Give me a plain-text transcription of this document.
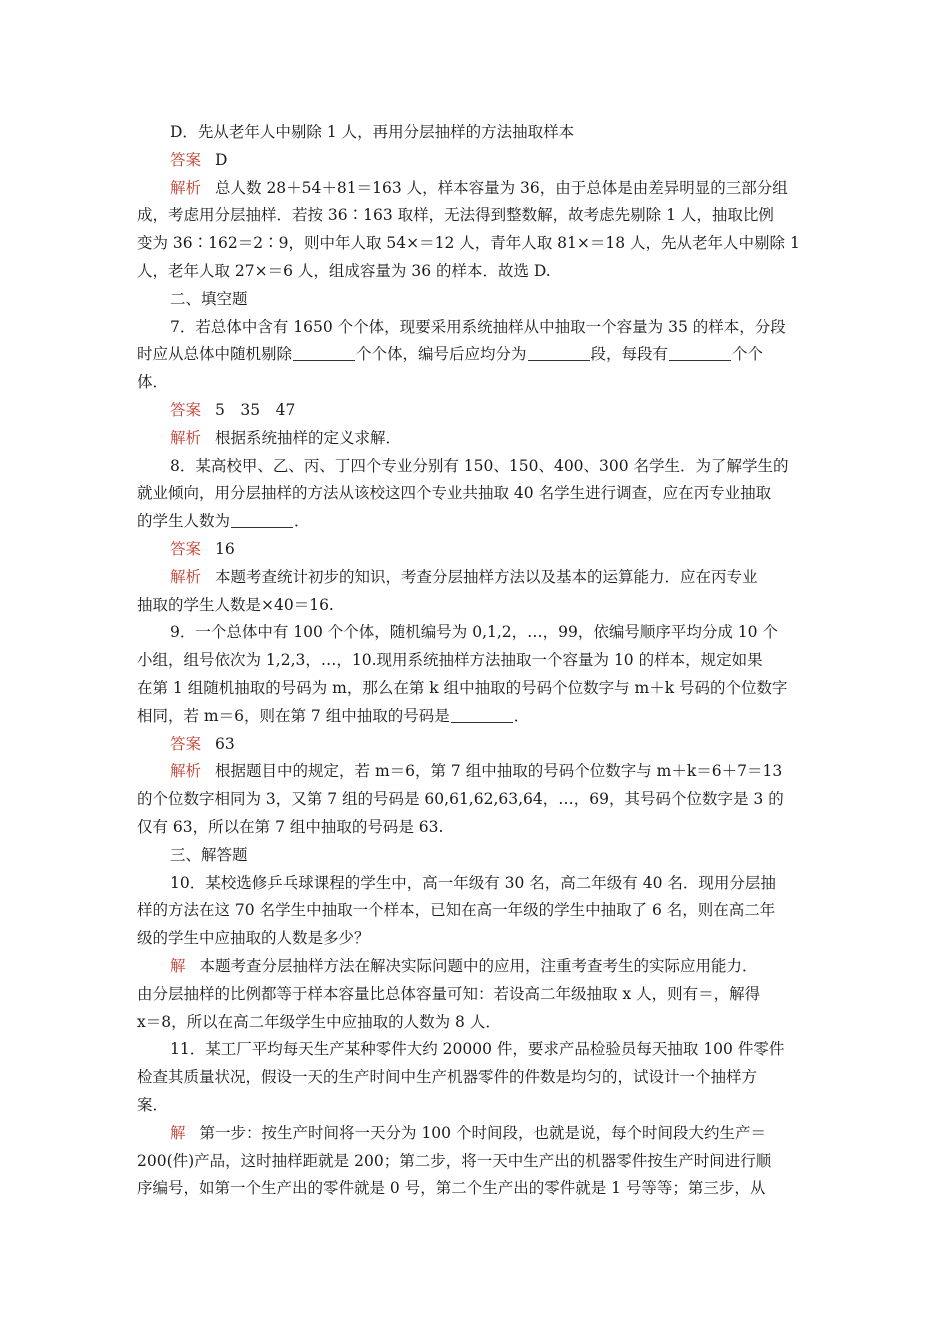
D．先从老年人中剔除 1 人，再用分层抽样的方法抽取样本
答案 D
解析 总人数 28＋54＋81＝163 人，样本容量为 36，由于总体是由差异明显的三部分组
成，考虑用分层抽样．若按 36∶163 取样，无法得到整数解，故考虑先剔除 1 人，抽取比例
变为 36∶162＝2∶9，则中年人取 54×＝12 人，青年人取 81×＝18 人，先从老年人中剔除 1
人，老年人取 27×＝6 人，组成容量为 36 的样本．故选 D.
二、填空题
7．若总体中含有 1650 个个体，现要采用系统抽样从中抽取一个容量为 35 的样本，分段
时应从总体中随机剔除	个个体，编号后应均分为	段，每段有	个个
体．
答案 5　35　47
解析 根据系统抽样的定义求解．
8．某高校甲、乙、丙、丁四个专业分别有 150、150、400、300 名学生．为了解学生的
就业倾向，用分层抽样的方法从该校这四个专业共抽取 40 名学生进行调查，应在丙专业抽取
的学生人数为	．
答案 16
解析 本题考查统计初步的知识，考查分层抽样方法以及基本的运算能力．应在丙专业
抽取的学生人数是×40＝16.
9．一个总体中有 100 个个体，随机编号为 0,1,2，…，99，依编号顺序平均分成 10 个
小组，组号依次为 1,2,3，…，10.现用系统抽样方法抽取一个容量为 10 的样本，规定如果
在第 1 组随机抽取的号码为 m，那么在第 k 组中抽取的号码个位数字与 m＋k 号码的个位数字
相同，若 m＝6，则在第 7 组中抽取的号码是	．
答案 63
解析 根据题目中的规定，若 m＝6，第 7 组中抽取的号码个位数字与 m＋k＝6＋7＝13
的个位数字相同为 3，又第 7 组的号码是 60,61,62,63,64，…，69，其号码个位数字是 3 的
仅有 63，所以在第 7 组中抽取的号码是 63.
三、解答题
10．某校选修乒乓球课程的学生中，高一年级有 30 名，高二年级有 40 名．现用分层抽
样的方法在这 70 名学生中抽取一个样本，已知在高一年级的学生中抽取了 6 名，则在高二年
级的学生中应抽取的人数是多少？
解 本题考查分层抽样方法在解决实际问题中的应用，注重考查考生的实际应用能力．
由分层抽样的比例都等于样本容量比总体容量可知：若设高二年级抽取 x 人，则有＝，解得
x＝8，所以在高二年级学生中应抽取的人数为 8 人．
11．某工厂平均每天生产某种零件大约 20000 件，要求产品检验员每天抽取 100 件零件
检查其质量状况，假设一天的生产时间中生产机器零件的件数是均匀的，试设计一个抽样方
案．
解 第一步：按生产时间将一天分为 100 个时间段，也就是说，每个时间段大约生产＝
200(件)产品，这时抽样距就是 200；第二步，将一天中生产出的机器零件按生产时间进行顺
序编号，如第一个生产出的零件就是 0 号，第二个生产出的零件就是 1 号等等；第三步，从
